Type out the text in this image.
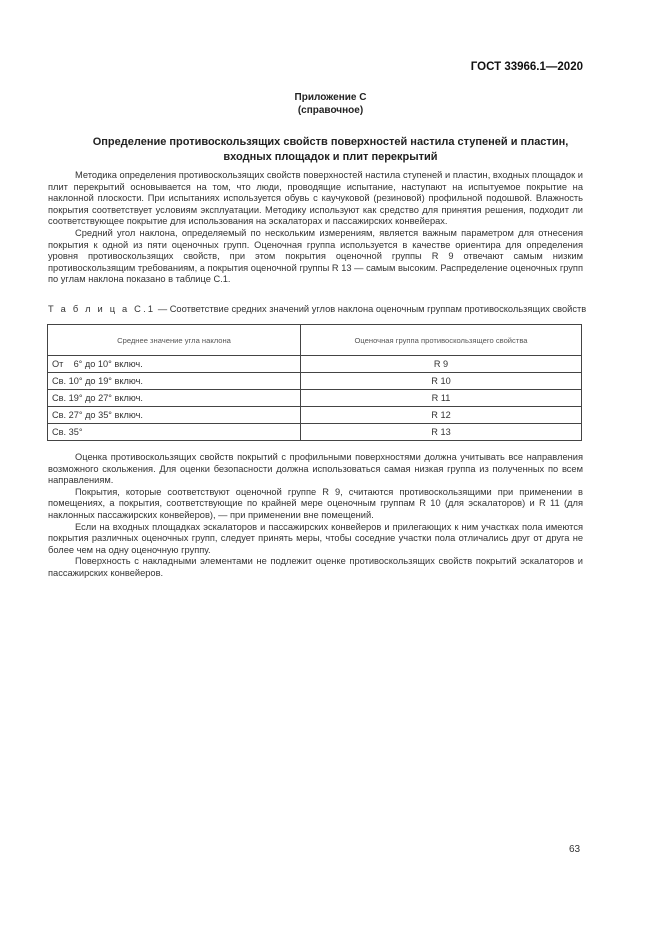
ГОСТ 33966.1—2020
Приложение С
(справочное)
Определение противоскользящих свойств поверхностей настила ступеней и пластин,
входных площадок и плит перекрытий

Методика определения противоскользящих свойств поверхностей настила ступеней и пластин, входных площадок и плит перекрытий основывается на том, что люди, проводящие испытание, наступают на испытуемое покрытие на наклонной плоскости. При испытаниях используется обувь с каучуковой (резиновой) профильной подошвой. Влажность покрытия соответствует условиям эксплуатации. Методику используют как средство для принятия решения, подходит ли соответствующее покрытие для использования на эскалаторах и пассажирских конвейерах.

Средний угол наклона, определяемый по нескольким измерениям, является важным параметром для отнесения покрытия к одной из пяти оценочных групп. Оценочная группа используется в качестве ориентира для определения уровня противоскользящих свойств, при этом покрытия оценочной группы R 9 отвечают самым низким противоскользящим требованиям, а покрытия оценочной группы R 13 — самым высоким. Распределение оценочных групп по углам наклона показано в таблице С.1.

Т а б л и ц а С.1 — Соответствие средних значений углов наклона оценочным группам противоскользящих свойств
Среднее значение угла наклона	Оценочная группа противоскользящего свойства
От    6° до 10° включ.	R 9
Св. 10° до 19° включ.	R 10
Св. 19° до 27° включ.	R 11
Св. 27° до 35° включ.	R 12
Св. 35°	R 13

Оценка противоскользящих свойств покрытий с профильными поверхностями должна учитывать все направления возможного скольжения. Для оценки безопасности должна использоваться самая низкая группа из полученных по всем направлениям.

Покрытия, которые соответствуют оценочной группе R 9, считаются противоскользящими при применении в помещениях, а покрытия, соответствующие по крайней мере оценочным группам R 10 (для эскалаторов) и R 11 (для наклонных пассажирских конвейеров), — при применении вне помещений.

Если на входных площадках эскалаторов и пассажирских конвейеров и прилегающих к ним участках пола имеются покрытия различных оценочных групп, следует принять меры, чтобы соседние участки пола отличались друг от друга не более чем на одну оценочную группу.

Поверхность с накладными элементами не подлежит оценке противоскользящих свойств покрытий эскалаторов и пассажирских конвейеров.

63
